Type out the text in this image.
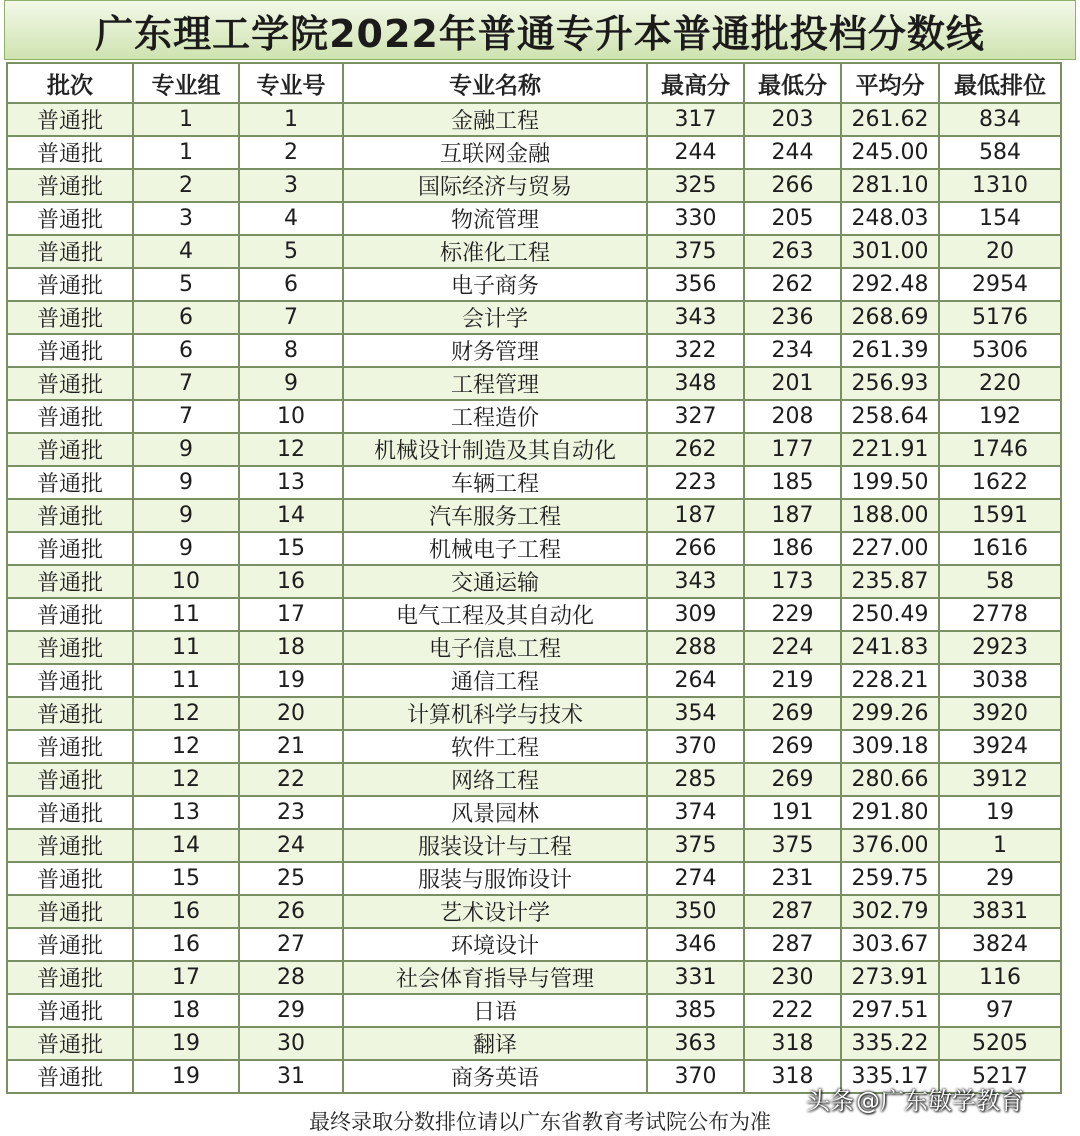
广东理工学院2022年普通专升本普通批投档分数线
批次	专业组	专业号	专业名称	最高分	最低分	平均分	最低排位
普通批	1	1	金融工程	317	203	261.62	834
普通批	1	2	互联网金融	244	244	245.00	584
普通批	2	3	国际经济与贸易	325	266	281.10	1310
普通批	3	4	物流管理	330	205	248.03	154
普通批	4	5	标准化工程	375	263	301.00	20
普通批	5	6	电子商务	356	262	292.48	2954
普通批	6	7	会计学	343	236	268.69	5176
普通批	6	8	财务管理	322	234	261.39	5306
普通批	7	9	工程管理	348	201	256.93	220
普通批	7	10	工程造价	327	208	258.64	192
普通批	9	12	机械设计制造及其自动化	262	177	221.91	1746
普通批	9	13	车辆工程	223	185	199.50	1622
普通批	9	14	汽车服务工程	187	187	188.00	1591
普通批	9	15	机械电子工程	266	186	227.00	1616
普通批	10	16	交通运输	343	173	235.87	58
普通批	11	17	电气工程及其自动化	309	229	250.49	2778
普通批	11	18	电子信息工程	288	224	241.83	2923
普通批	11	19	通信工程	264	219	228.21	3038
普通批	12	20	计算机科学与技术	354	269	299.26	3920
普通批	12	21	软件工程	370	269	309.18	3924
普通批	12	22	网络工程	285	269	280.66	3912
普通批	13	23	风景园林	374	191	291.80	19
普通批	14	24	服装设计与工程	375	375	376.00	1
普通批	15	25	服装与服饰设计	274	231	259.75	29
普通批	16	26	艺术设计学	350	287	302.79	3831
普通批	16	27	环境设计	346	287	303.67	3824
普通批	17	28	社会体育指导与管理	331	230	273.91	116
普通批	18	29	日语	385	222	297.51	97
普通批	19	30	翻译	363	318	335.22	5205
普通批	19	31	商务英语	370	318	335.17	5217
头条 @广东敏学教育
最终录取分数排位请以广东省教育考试院公布为准
